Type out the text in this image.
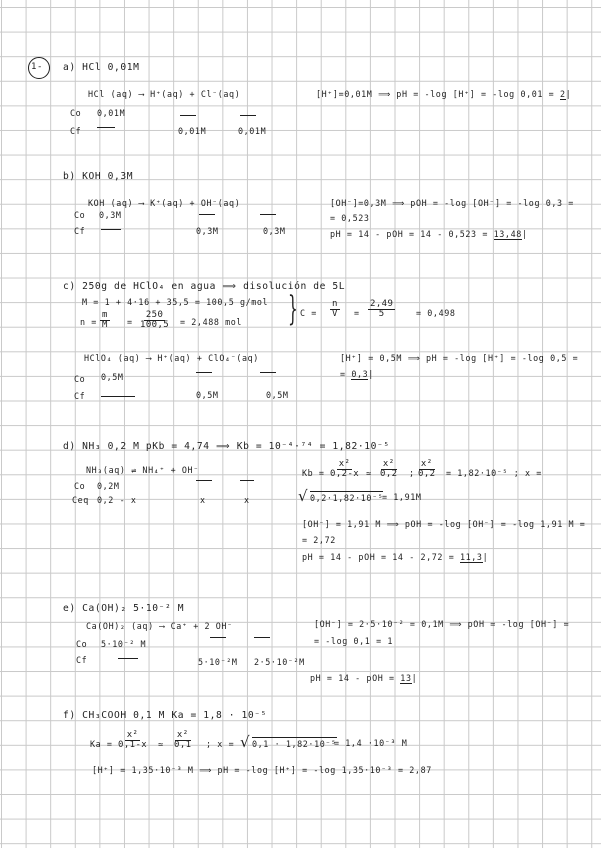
1- a) HCl 0,01M
HCl (aq) ⟶ H⁺(aq) + Cl⁻(aq)
Co 0,01M
Cf	0,01M	0,01M
[H⁺]=0,01M ⟹ pH = -log [H⁺] = -log 0,01 = 2|
b) KOH 0,3M
KOH (aq) ⟶ K⁺(aq) + OH⁻(aq)
Co 0,3M
Cf	0,3M	0,3M
[OH⁻]=0,3M ⟹ pOH = -log [OH⁻] = -log 0,3 =
= 0,523
pH = 14 - pOH = 14 - 0,523 = 13,48|
c) 250g de HClO₄ en agua ⟹ disolución de 5L
M = 1 + 4·16 + 35,5 = 100,5 g/mol
$n = \frac{m}{M} = \frac{250}{100,5} = 2,488$ mol } $C = \frac{n}{V} = \frac{2,49}{5} = 0,498$
HClO₄ (aq) ⟶ H⁺(aq) + ClO₄⁻(aq)
Co 0,5M
Cf	0,5M	0,5M
[H⁺] = 0,5M ⟹ pH = -log [H⁺] = -log 0,5 =
= 0,3|
d) NH₃ 0,2 M pKb = 4,74 ⟹ Kb = 10⁻⁴·⁷⁴ = 1,82·10⁻⁵
NH₃(aq) ⇌ NH₄⁺ + OH⁻
Co 0,2M
Ceq 0,2 - x	x	x
$Kb = \frac{\text{x²}}{0,2-x}$ ≃ $\frac{\text{x²}}{0,2}$ ; $\frac{\text{x²}}{0,2} = 1,82\cdot 10^{-5}$ ; x =
√ 0,2·1,82·10⁻⁵
= 1,91M
[OH⁻] = 1,91 M ⟹ pOH = -log [OH⁻] = -log 1,91 M =
= 2,72
pH = 14 - pOH = 14 - 2,72 = 11,3|
e) Ca(OH)₂ 5·10⁻² M
Ca(OH)₂ (aq) ⟶ Ca⁺ + 2 OH⁻
Co 5·10⁻² M
Cf	5·10⁻²M 2·5·10⁻²M
[OH⁻] = 2·5·10⁻² = 0,1M ⟹ pOH = -log [OH⁻] =
= -log 0,1 = 1
pH = 14 - pOH = 13|
f) CH₃COOH 0,1 M Ka = 1,8 · 10⁻⁵
$Ka = \frac{\text{x²}}{0,1-x}$ ≃ $\frac{\text{x²}}{0,1}$ ; x = √ 0,1 · 1,82·10⁻⁵
= 1,4 ·10⁻³ M
[H⁺] = 1,35·10⁻³ M ⟹ pH = -log [H⁺] = -log 1,35·10⁻³ = 2,87
